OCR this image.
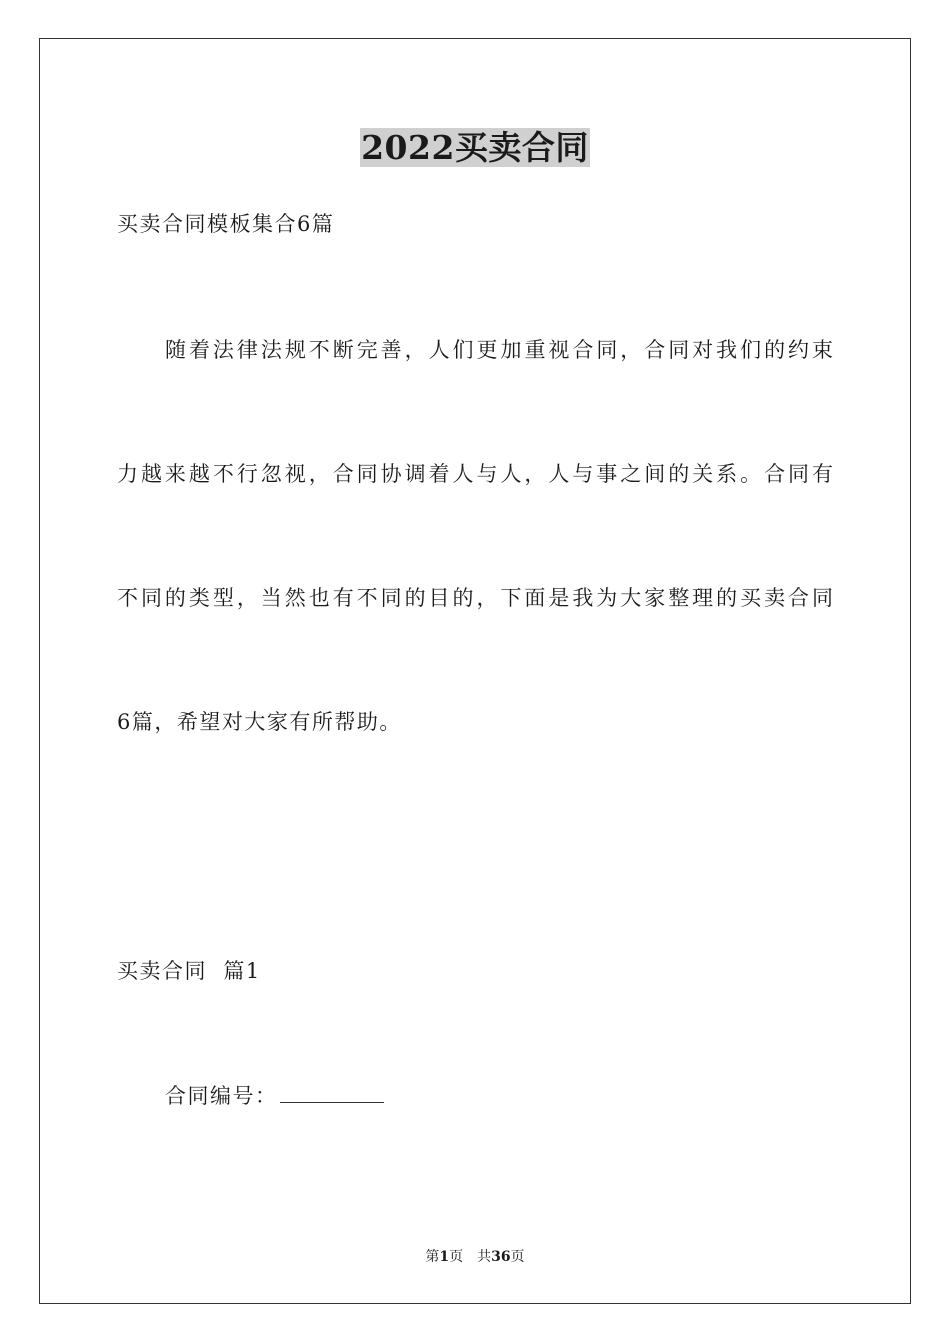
2022买卖合同
买卖合同模板集合6篇
随着法律法规不断完善，人们更加重视合同，合同对我们的约束
力越来越不行忽视，合同协调着人与人，人与事之间的关系。合同有
不同的类型，当然也有不同的目的，下面是我为大家整理的买卖合同
6篇，希望对大家有所帮助。
买卖合同  篇1
合同编号：
第1页 共36页
